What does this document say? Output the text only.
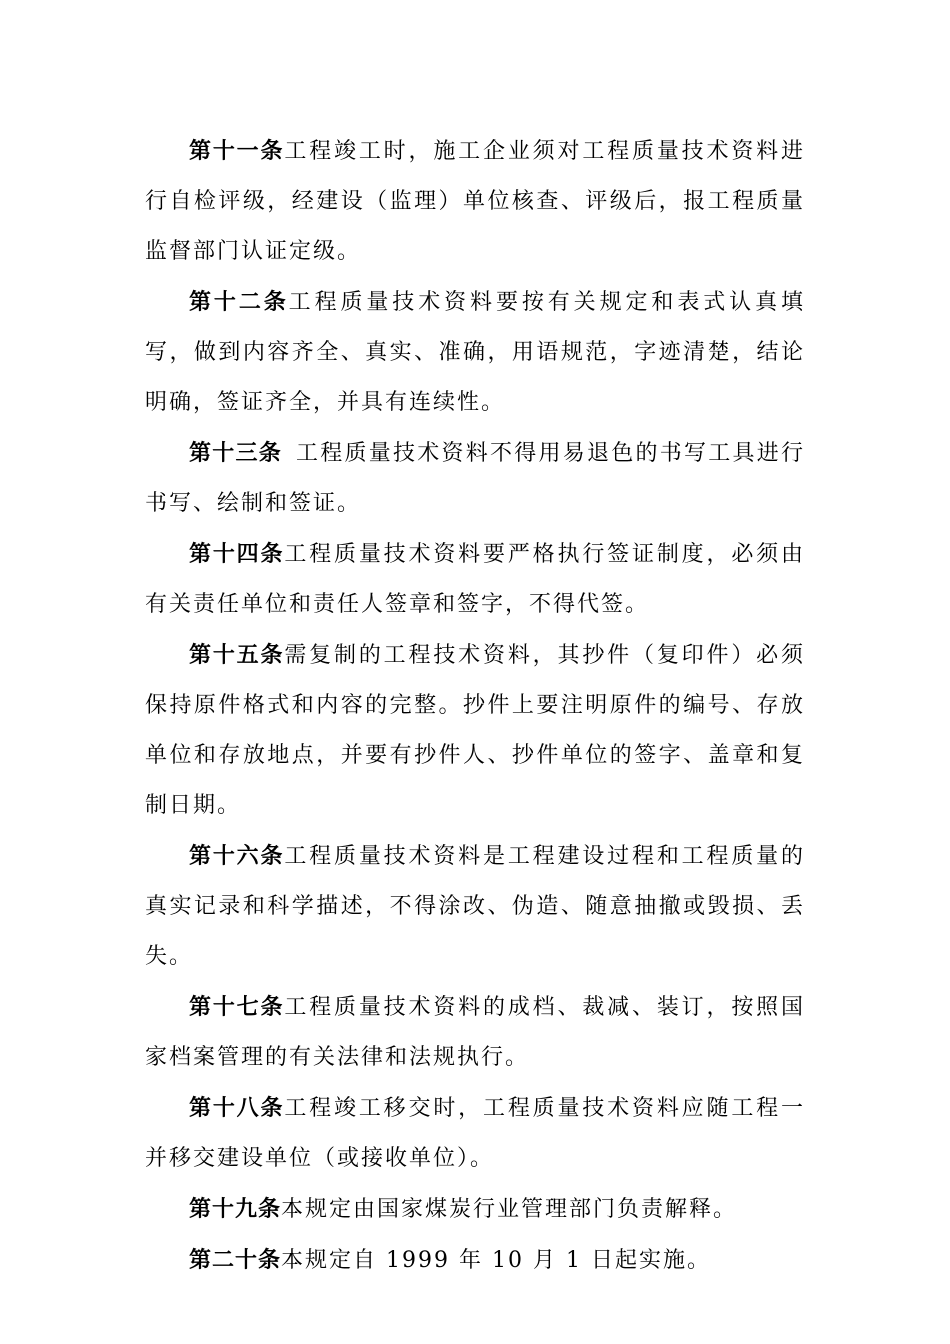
第十一条工程竣工时，施工企业须对工程质量技术资料进行自检评级，经建设（监理）单位核查、评级后，报工程质量监督部门认证定级。

第十二条工程质量技术资料要按有关规定和表式认真填写，做到内容齐全、真实、准确，用语规范，字迹清楚，结论明确，签证齐全，并具有连续性。

第十三条 工程质量技术资料不得用易退色的书写工具进行书写、绘制和签证。

第十四条工程质量技术资料要严格执行签证制度，必须由有关责任单位和责任人签章和签字，不得代签。

第十五条需复制的工程技术资料，其抄件（复印件）必须保持原件格式和内容的完整。抄件上要注明原件的编号、存放单位和存放地点，并要有抄件人、抄件单位的签字、盖章和复制日期。

第十六条工程质量技术资料是工程建设过程和工程质量的真实记录和科学描述，不得涂改、伪造、随意抽撤或毁损、丢失。

第十七条工程质量技术资料的成档、裁减、装订，按照国家档案管理的有关法律和法规执行。

第十八条工程竣工移交时，工程质量技术资料应随工程一并移交建设单位（或接收单位）。

第十九条本规定由国家煤炭行业管理部门负责解释。

第二十条本规定自 1999 年 10 月 1 日起实施。
